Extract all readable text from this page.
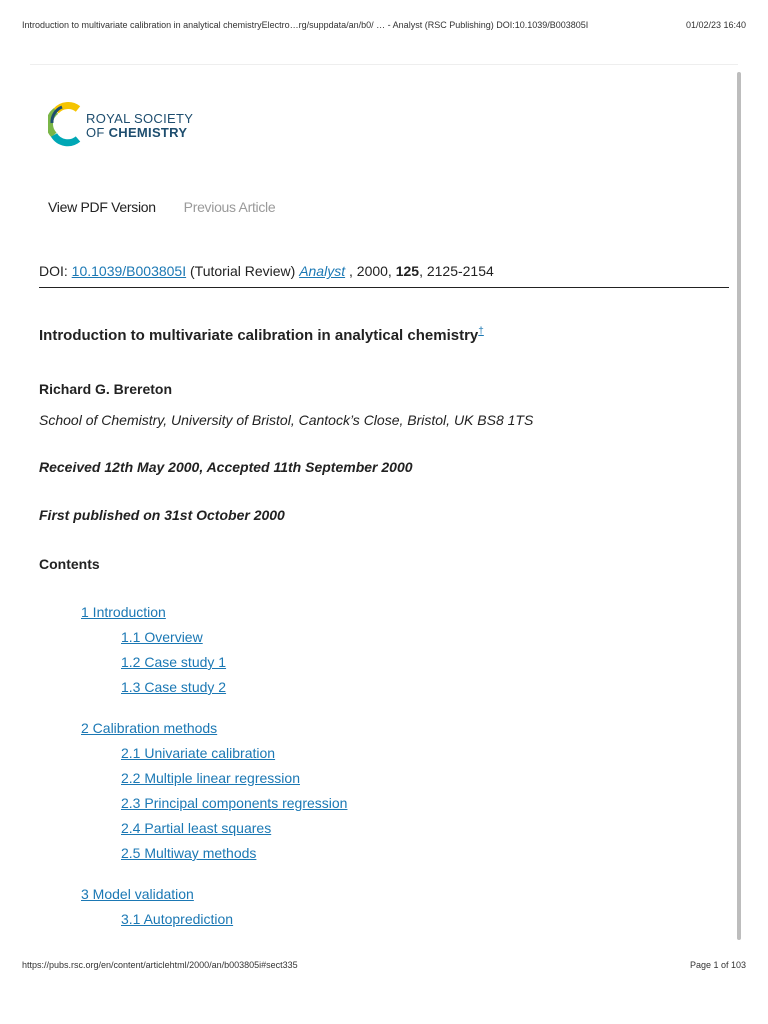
Introduction to multivariate calibration in analytical chemistryElectro…rg/suppdata/an/b0/ … - Analyst (RSC Publishing) DOI:10.1039/B003805I	01/02/23 16:40
ROYAL SOCIETY
OF CHEMISTRY
View PDF Version Previous Article
DOI: 10.1039/B003805I (Tutorial Review) Analyst , 2000, 125, 2125-2154
Introduction to multivariate calibration in analytical chemistry†
Richard G. Brereton
School of Chemistry, University of Bristol, Cantock’s Close, Bristol, UK BS8 1TS
Received 12th May 2000, Accepted 11th September 2000
First published on 31st October 2000
Contents
1 Introduction
1.1 Overview
1.2 Case study 1
1.3 Case study 2
2 Calibration methods
2.1 Univariate calibration
2.2 Multiple linear regression
2.3 Principal components regression
2.4 Partial least squares
2.5 Multiway methods
3 Model validation
3.1 Autoprediction
https://pubs.rsc.org/en/content/articlehtml/2000/an/b003805i#sect335	Page 1 of 103
